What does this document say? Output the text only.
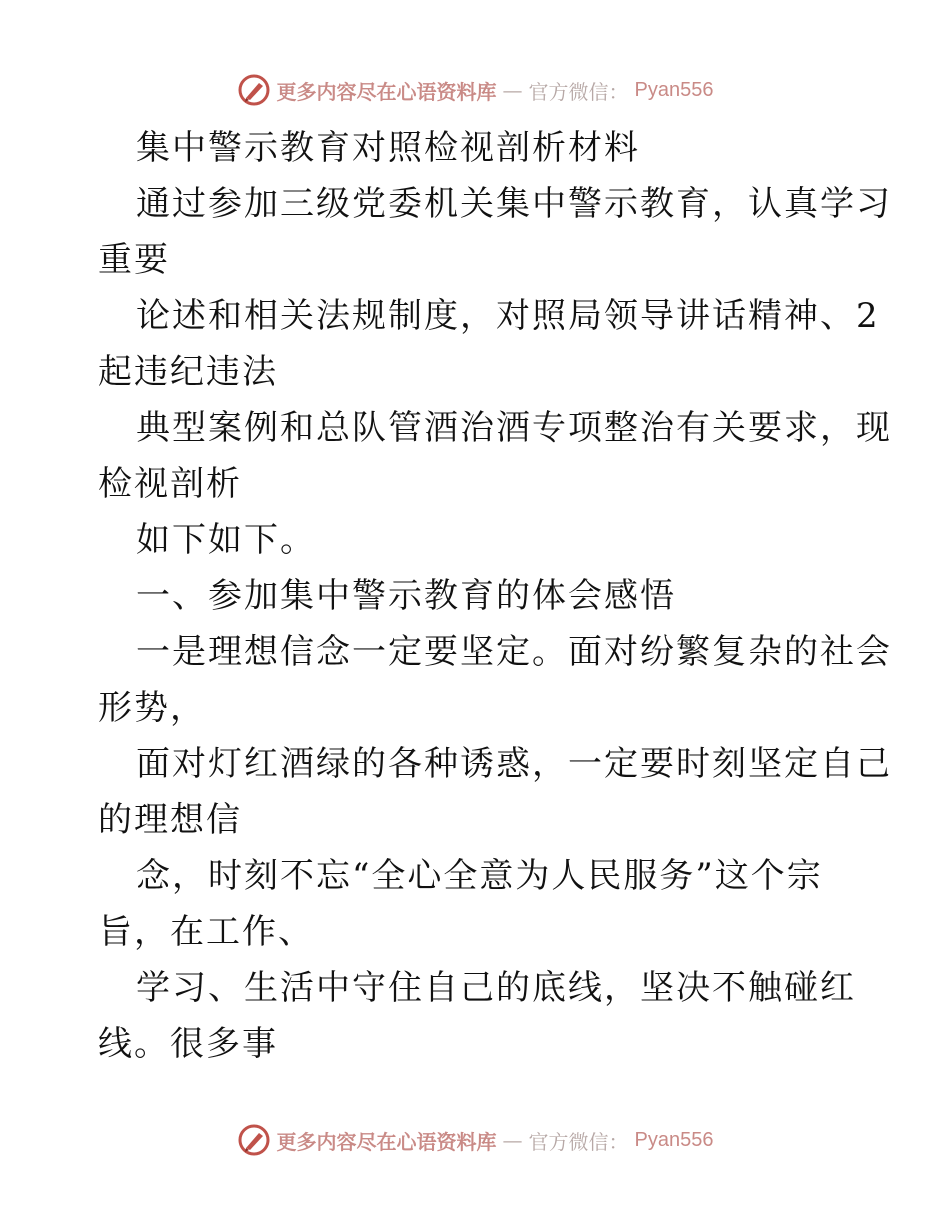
更多内容尽在心语资料库 — 官方微信： Pyan556
集中警示教育对照检视剖析材料
通过参加三级党委机关集中警示教育，认真学习
重要
论述和相关法规制度，对照局领导讲话精神、2
起违纪违法
典型案例和总队管酒治酒专项整治有关要求，现
检视剖析
如下如下。
一、参加集中警示教育的体会感悟
一是理想信念一定要坚定。面对纷繁复杂的社会
形势，
面对灯红酒绿的各种诱惑，一定要时刻坚定自己
的理想信
念，时刻不忘“全心全意为人民服务”这个宗
旨，在工作、
学习、生活中守住自己的底线，坚决不触碰红
线。很多事
更多内容尽在心语资料库 — 官方微信： Pyan556
